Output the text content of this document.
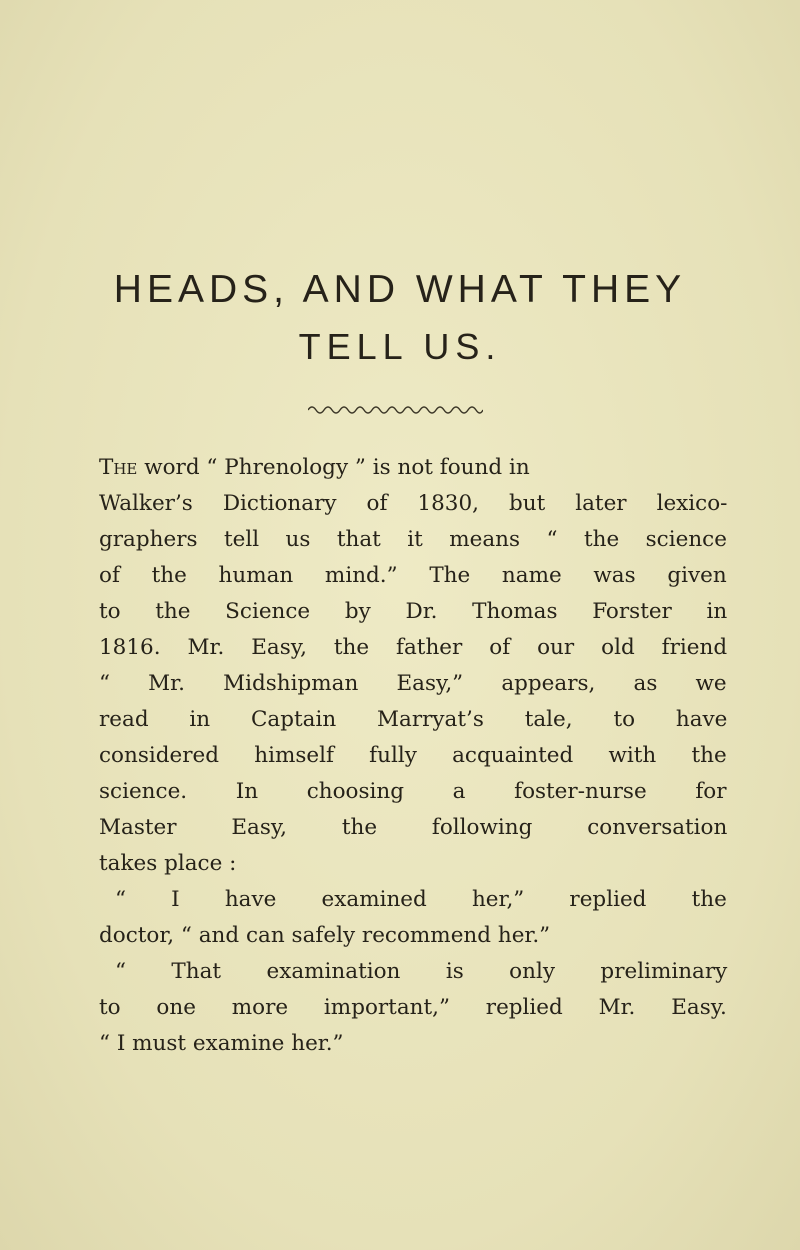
HEADS, AND WHAT THEY
TELL US.
The word “ Phrenology ” is not found in
Walker’s Dictionary of 1830, but later lexico-
graphers tell us that it means “ the science
of the human mind.” The name was given
to the Science by Dr. Thomas Forster in
1816. Mr. Easy, the father of our old friend
“ Mr. Midshipman Easy,” appears, as we
read in Captain Marryat’s tale, to have
considered himself fully acquainted with the
science. In choosing a foster-nurse for
Master Easy, the following conversation
takes place :
“ I have examined her,” replied the
doctor, “ and can safely recommend her.”
“ That examination is only preliminary
to one more important,” replied Mr. Easy.
“ I must examine her.”
